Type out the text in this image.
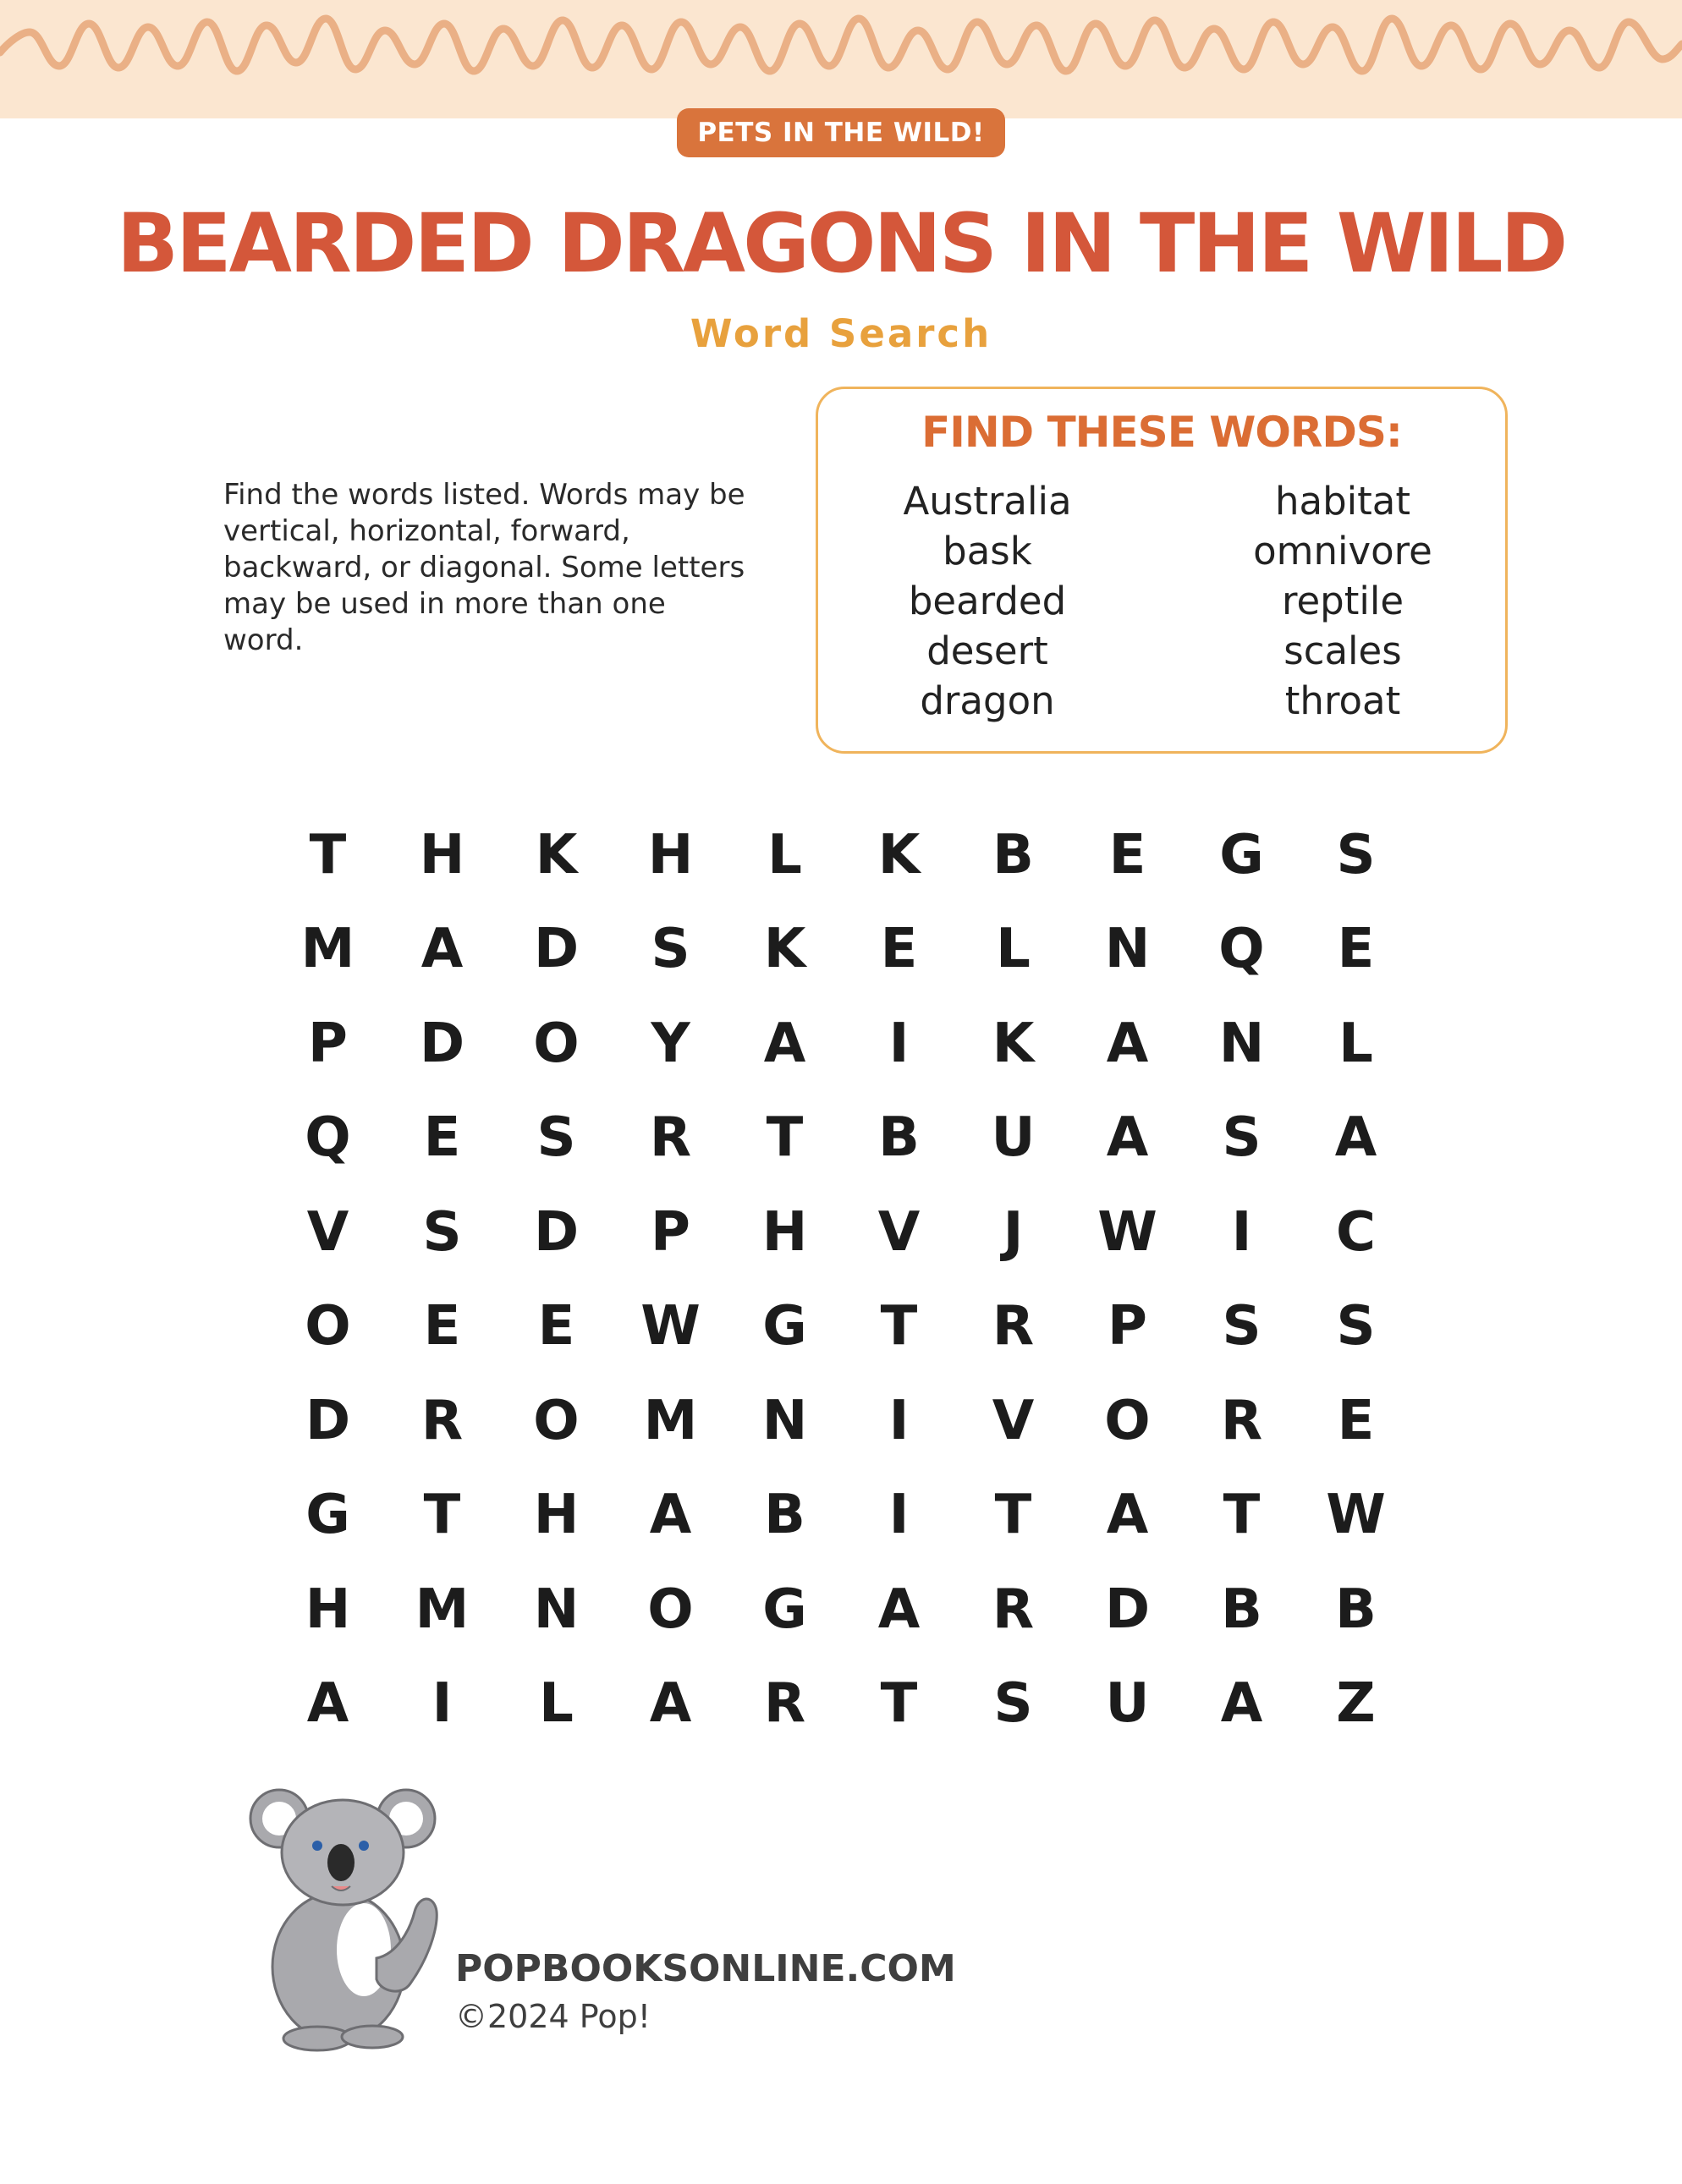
PETS IN THE WILD!
BEARDED DRAGONS IN THE WILD
Word Search
Find the words listed. Words may be vertical, horizontal, forward, backward, or diagonal. Some letters may be used in more than one word.
FIND THESE WORDS:
Australia
bask
bearded
desert
dragon
habitat
omnivore
reptile
scales
throat
T	H	K	H	L	K	B	E	G	S
M	A	D	S	K	E	L	N	Q	E
P	D	O	Y	A	I	K	A	N	L
Q	E	S	R	T	B	U	A	S	A
V	S	D	P	H	V	J	W	I	C
O	E	E	W	G	T	R	P	S	S
D	R	O	M	N	I	V	O	R	E
G	T	H	A	B	I	T	A	T	W
H	M	N	O	G	A	R	D	B	B
A	I	L	A	R	T	S	U	A	Z
POPBOOKSONLINE.COM
©2024 Pop!
